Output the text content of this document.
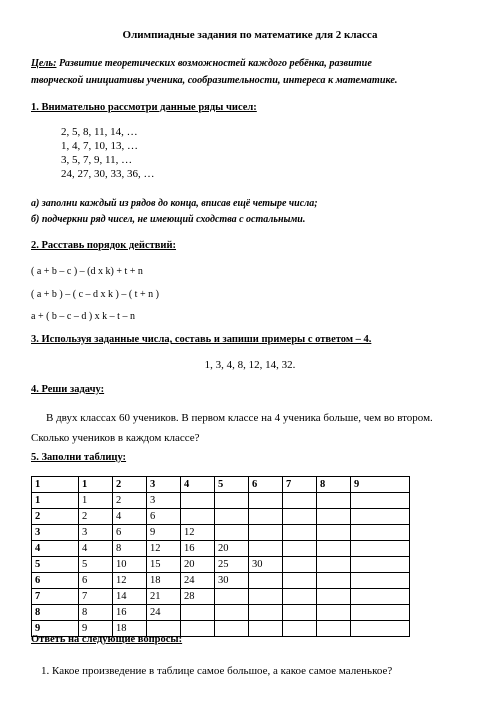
Олимпиадные задания по математике для 2 класса
Цель: Развитие теоретических возможностей каждого ребёнка, развитие
творческой инициативы ученика, сообразительности, интереса к математике.
1. Внимательно рассмотри данные ряды чисел:
2, 5, 8, 11, 14, …
1, 4, 7, 10, 13, …
3, 5, 7, 9, 11, …
24, 27, 30, 33, 36, …
а) заполни каждый из рядов до конца, вписав ещё четыре числа;
б) подчеркни ряд чисел, не имеющий сходства с остальными.
2. Расставь порядок действий:
( a + b – c ) – (d x k) + t + n
( a + b ) – ( c – d x k ) – ( t + n )
a + ( b – c – d ) x k – t – n
3. Используя заданные числа, составь и запиши примеры с ответом – 4.
1, 3, 4, 8, 12, 14, 32.
4. Реши задачу:
В двух классах 60 учеников. В первом классе на 4 ученика больше, чем во втором.
Сколько учеников в каждом классе?
5. Заполни таблицу:
1	1	2	3	4	5	6	7	8	9
1	1	2	3						
2	2	4	6						
3	3	6	9	12					
4	4	8	12	16	20				
5	5	10	15	20	25	30			
6	6	12	18	24	30				
7	7	14	21	28					
8	8	16	24						
9	9	18							
Ответь на следующие вопросы:
1. Какое произведение в таблице самое большое, а какое самое маленькое?
